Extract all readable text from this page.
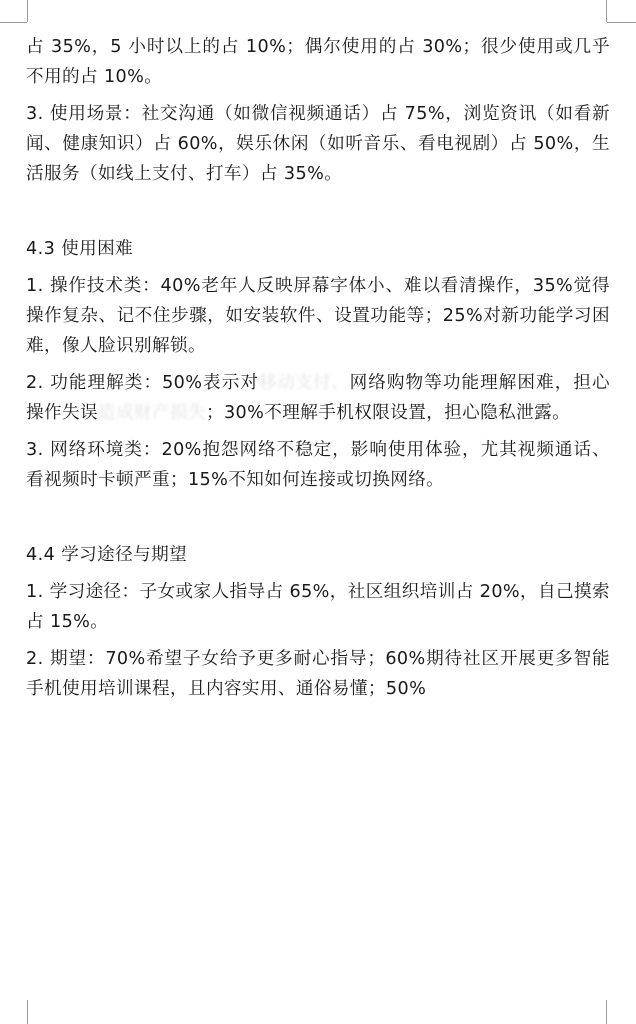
占 35%，5 小时以上的占 10%；偶尔使用的占 30%；很少使用或几乎不用的占 10%。

3. 使用场景：社交沟通（如微信视频通话）占 75%，浏览资讯（如看新闻、健康知识）占 60%，娱乐休闲（如听音乐、看电视剧）占 50%，生活服务（如线上支付、打车）占 35%。

4.3 使用困难

1. 操作技术类：40%老年人反映屏幕字体小、难以看清操作，35%觉得操作复杂、记不住步骤，如安装软件、设置功能等；25%对新功能学习困难，像人脸识别解锁。

2. 功能理解类：50%表示对移动支付、网络购物等功能理解困难，担心操作失误造成财产损失；30%不理解手机权限设置，担心隐私泄露。

3. 网络环境类：20%抱怨网络不稳定，影响使用体验，尤其视频通话、看视频时卡顿严重；15%不知如何连接或切换网络。

4.4 学习途径与期望

1. 学习途径：子女或家人指导占 65%，社区组织培训占 20%，自己摸索占 15%。

2. 期望：70%希望子女给予更多耐心指导；60%期待社区开展更多智能手机使用培训课程，且内容实用、通俗易懂；50%
